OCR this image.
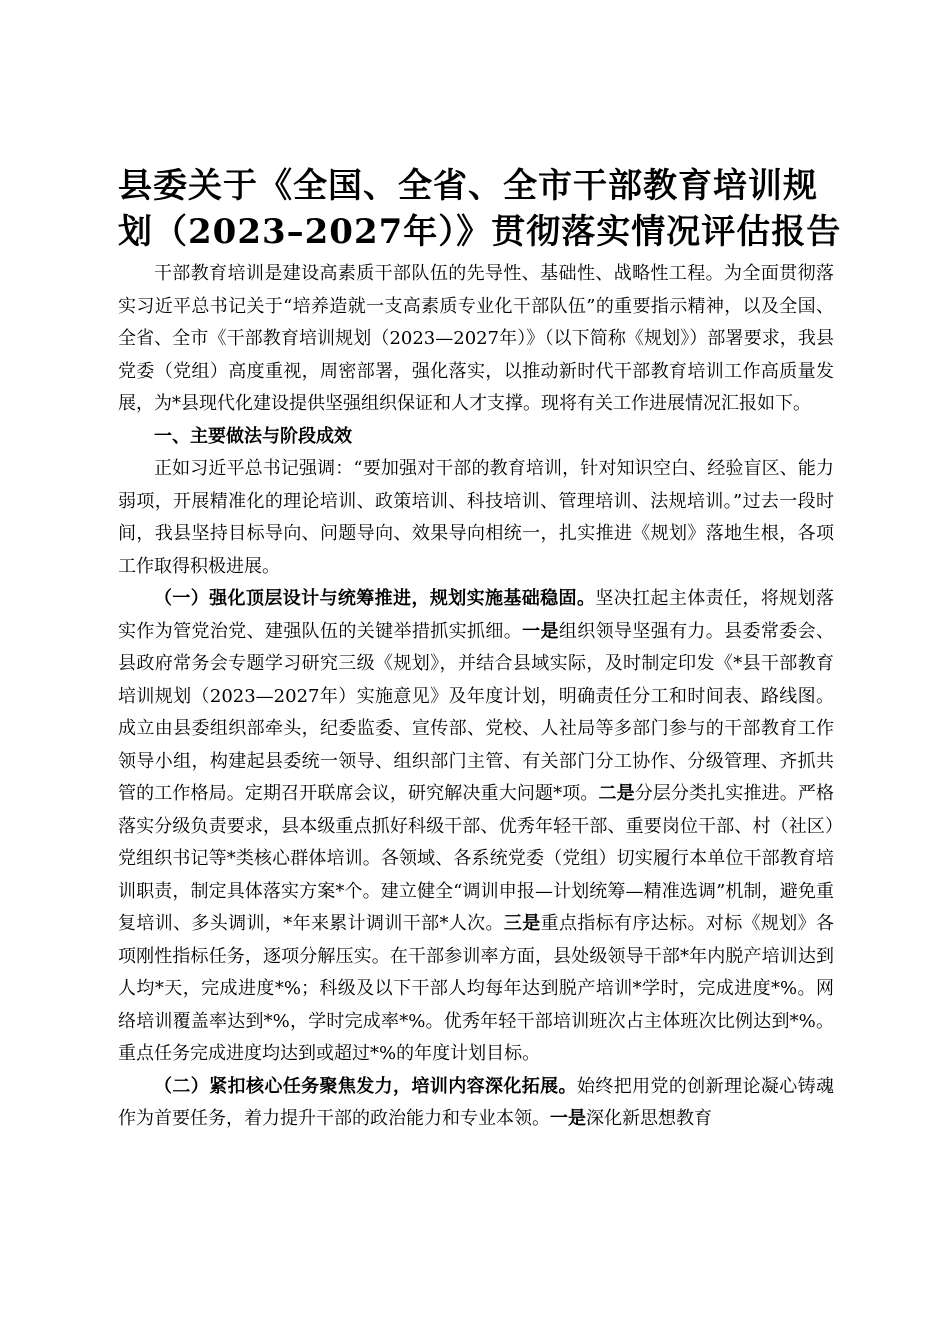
县委关于《全国、全省、全市干部教育培训规
划（2023–2027年）》贯彻落实情况评估报告

干部教育培训是建设高素质干部队伍的先导性、基础性、战略性工程。为全面贯彻落实习近平总书记关于“培养造就一支高素质专业化干部队伍”的重要指示精神，以及全国、全省、全市《干部教育培训规划（2023—2027年）》（以下简称《规划》）部署要求，我县党委（党组）高度重视，周密部署，强化落实，以推动新时代干部教育培训工作高质量发展，为*县现代化建设提供坚强组织保证和人才支撑。现将有关工作进展情况汇报如下。

一、主要做法与阶段成效

正如习近平总书记强调：“要加强对干部的教育培训，针对知识空白、经验盲区、能力弱项，开展精准化的理论培训、政策培训、科技培训、管理培训、法规培训。”过去一段时间，我县坚持目标导向、问题导向、效果导向相统一，扎实推进《规划》落地生根，各项工作取得积极进展。

（一）强化顶层设计与统筹推进，规划实施基础稳固。坚决扛起主体责任，将规划落实作为管党治党、建强队伍的关键举措抓实抓细。一是组织领导坚强有力。县委常委会、县政府常务会专题学习研究三级《规划》，并结合县域实际，及时制定印发《*县干部教育培训规划（2023—2027年）实施意见》及年度计划，明确责任分工和时间表、路线图。成立由县委组织部牵头，纪委监委、宣传部、党校、人社局等多部门参与的干部教育工作领导小组，构建起县委统一领导、组织部门主管、有关部门分工协作、分级管理、齐抓共管的工作格局。定期召开联席会议，研究解决重大问题*项。二是分层分类扎实推进。严格落实分级负责要求，县本级重点抓好科级干部、优秀年轻干部、重要岗位干部、村（社区）党组织书记等*类核心群体培训。各领域、各系统党委（党组）切实履行本单位干部教育培训职责，制定具体落实方案*个。建立健全“调训申报—计划统筹—精准选调”机制，避免重复培训、多头调训，*年来累计调训干部*人次。三是重点指标有序达标。对标《规划》各项刚性指标任务，逐项分解压实。在干部参训率方面，县处级领导干部*年内脱产培训达到人均*天，完成进度*%；科级及以下干部人均每年达到脱产培训*学时，完成进度*%。网络培训覆盖率达到*%，学时完成率*%。优秀年轻干部培训班次占主体班次比例达到*%。重点任务完成进度均达到或超过*%的年度计划目标。

（二）紧扣核心任务聚焦发力，培训内容深化拓展。始终把用党的创新理论凝心铸魂作为首要任务，着力提升干部的政治能力和专业本领。一是深化新思想教育
